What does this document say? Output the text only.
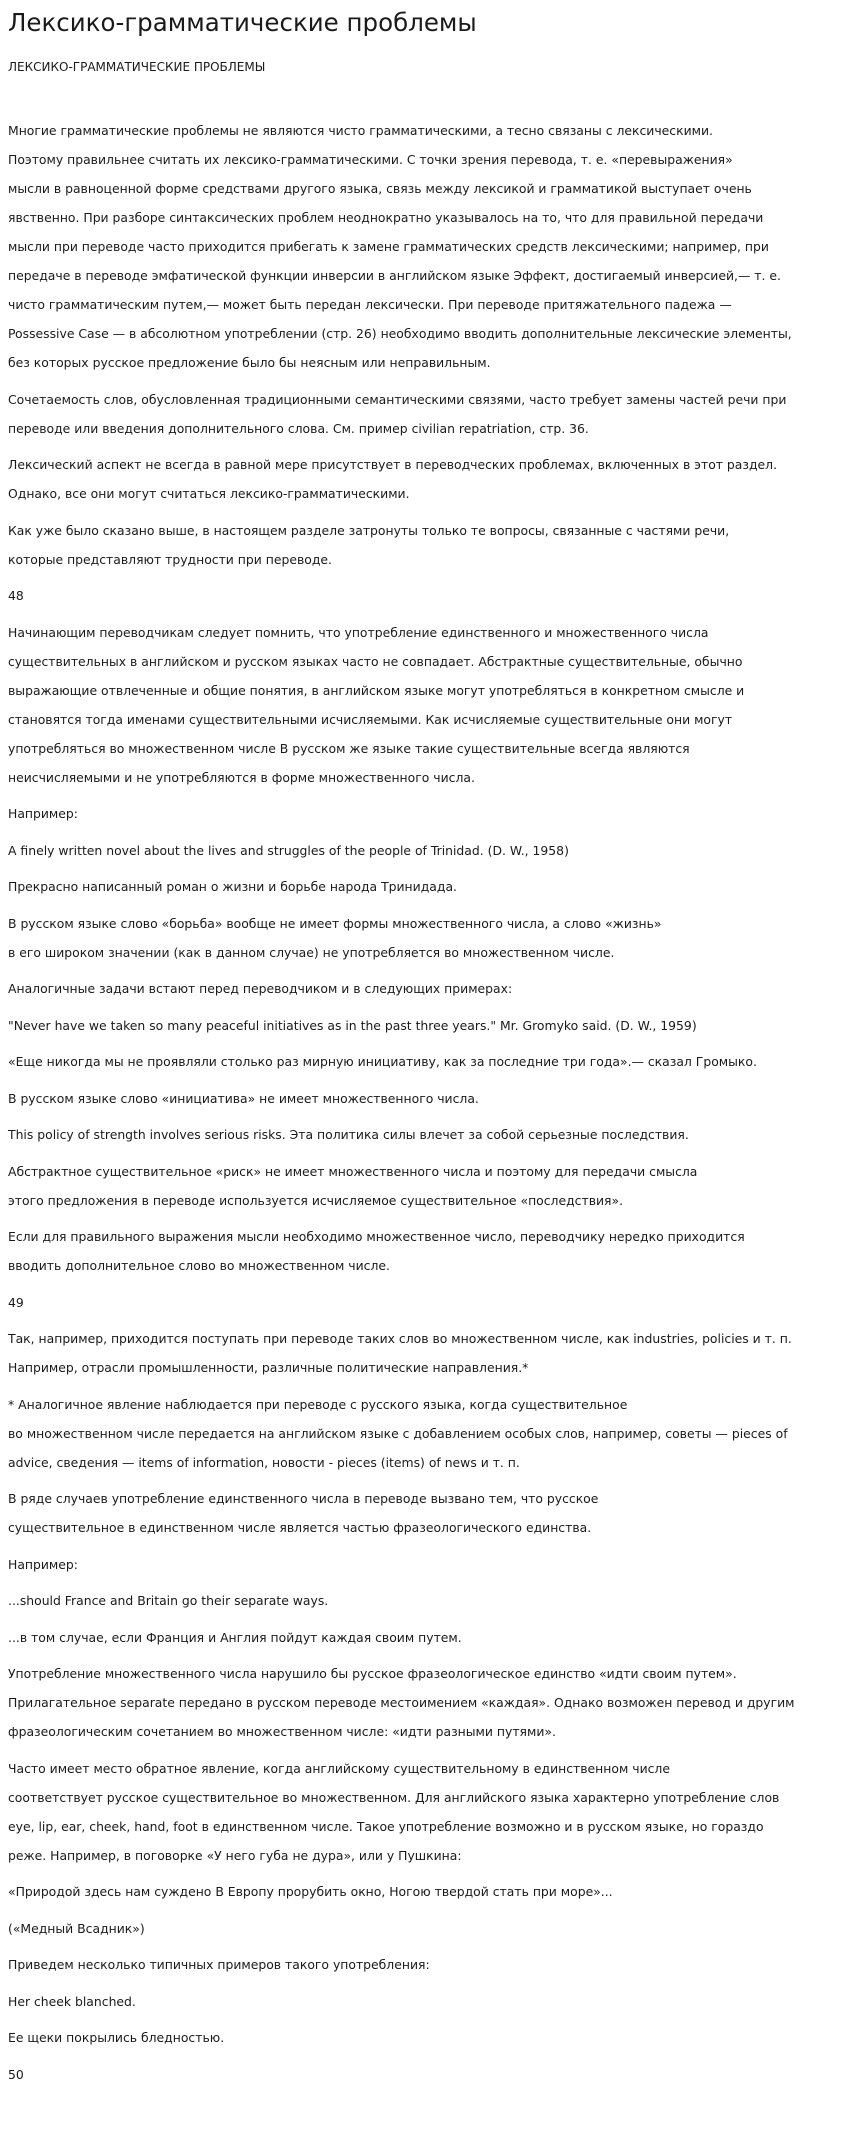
Лексико-грамматические проблемы
ЛЕКСИКО-ГРАММАТИЧЕСКИЕ ПРОБЛЕМЫ

Многие грамматические проблемы не являются чисто грамматическими, а тесно связаны с лексическими.
Поэтому правильнее считать их лексико-грамматическими. С точки зрения перевода, т. е. «перевыражения»
мысли в равноценной форме средствами другого языка, связь между лексикой и грамматикой выступает очень
явственно. При разборе синтаксических проблем неоднократно указывалось на то, что для правильной передачи
мысли при переводе часто приходится прибегать к замене грамматических средств лексическими; например, при
передаче в переводе эмфатической функции инверсии в английском языке Эффект, достигаемый инверсией,— т. е.
чисто грамматическим путем,— может быть передан лексически. При переводе притяжательного падежа —
Possessive Case — в абсолютном употреблении (стр. 26) необходимо вводить дополнительные лексические элементы,
без которых русское предложение было бы неясным или неправильным.

Сочетаемость слов, обусловленная традиционными семантическими связями, часто требует замены частей речи при
переводе или введения дополнительного слова. См. пример civilian repatriation, стр. 36.

Лексический аспект не всегда в равной мере присутствует в переводческих проблемах, включенных в этот раздел.
Однако, все они могут считаться лексико-грамматическими.

Как уже было сказано выше, в настоящем разделе затронуты только те вопросы, связанные с частями речи,
которые представляют трудности при переводе.

48

Начинающим переводчикам следует помнить, что употребление единственного и множественного числа
существительных в английском и русском языках часто не совпадает. Абстрактные существительные, обычно
выражающие отвлеченные и общие понятия, в английском языке могут употребляться в конкретном смысле и
становятся тогда именами существительными исчисляемыми. Как исчисляемые существительные они могут
употребляться во множественном числе В русском же языке такие существительные всегда являются
неисчисляемыми и не употребляются в форме множественного числа.

Например:

A finely written novel about the lives and struggles of the people of Trinidad. (D. W., 1958)

Прекрасно написанный роман о жизни и борьбе народа Тринидада.

В русском языке слово «борьба» вообще не имеет формы множественного числа, а слово «жизнь»
в его широком значении (как в данном случае) не употребляется во множественном числе.

Аналогичные задачи встают перед переводчиком и в следующих примерах:

"Never have we taken so many peaceful initiatives as in the past three years." Mr. Gromyko said. (D. W., 1959)

«Еще никогда мы не проявляли столько раз мирную инициативу, как за последние три года».— сказал Громыко.

В русском языке слово «инициатива» не имеет множественного числа.

This policy of strength involves serious risks. Эта политика силы влечет за собой серьезные последствия.

Абстрактное существительное «риск» не имеет множественного числа и поэтому для передачи смысла
этого предложения в переводе используется исчисляемое существительное «последствия».

Если для правильного выражения мысли необходимо множественное число, переводчику нередко приходится
вводить дополнительное слово во множественном числе.

49

Так, например, приходится поступать при переводе таких слов во множественном числе, как industries, policies и т. п.
Например, отрасли промышленности, различные политические направления.*

* Аналогичное явление наблюдается при переводе с русского языка, когда существительное
во множественном числе передается на английском языке с добавлением особых слов, например, советы — pieces of
advice, сведения — items of information, новости - pieces (items) of news и т. п.

В ряде случаев употребление единственного числа в переводе вызвано тем, что русское
существительное в единственном числе является частью фразеологического единства.

Например:

...should France and Britain go their separate ways.

...в том случае, если Франция и Англия пойдут каждая своим путем.

Употребление множественного числа нарушило бы русское фразеологическое единство «идти своим путем».
Прилагательное separate передано в русском переводе местоимением «каждая». Однако возможен перевод и другим
фразеологическим сочетанием во множественном числе: «идти разными путями».

Часто имеет место обратное явление, когда английскому существительному в единственном числе
соответствует русское существительное во множественном. Для английского языка характерно употребление слов
eye, lip, ear, cheek, hand, foot в единственном числе. Такое употребление возможно и в русском языке, но гораздо
реже. Например, в поговорке «У него губа не дура», или у Пушкина:

«Природой здесь нам суждено В Европу прорубить окно, Ногою твердой стать при море»...

(«Медный Всадник»)

Приведем несколько типичных примеров такого употребления:

Her cheek blanched.

Ее щеки покрылись бледностью.

50
